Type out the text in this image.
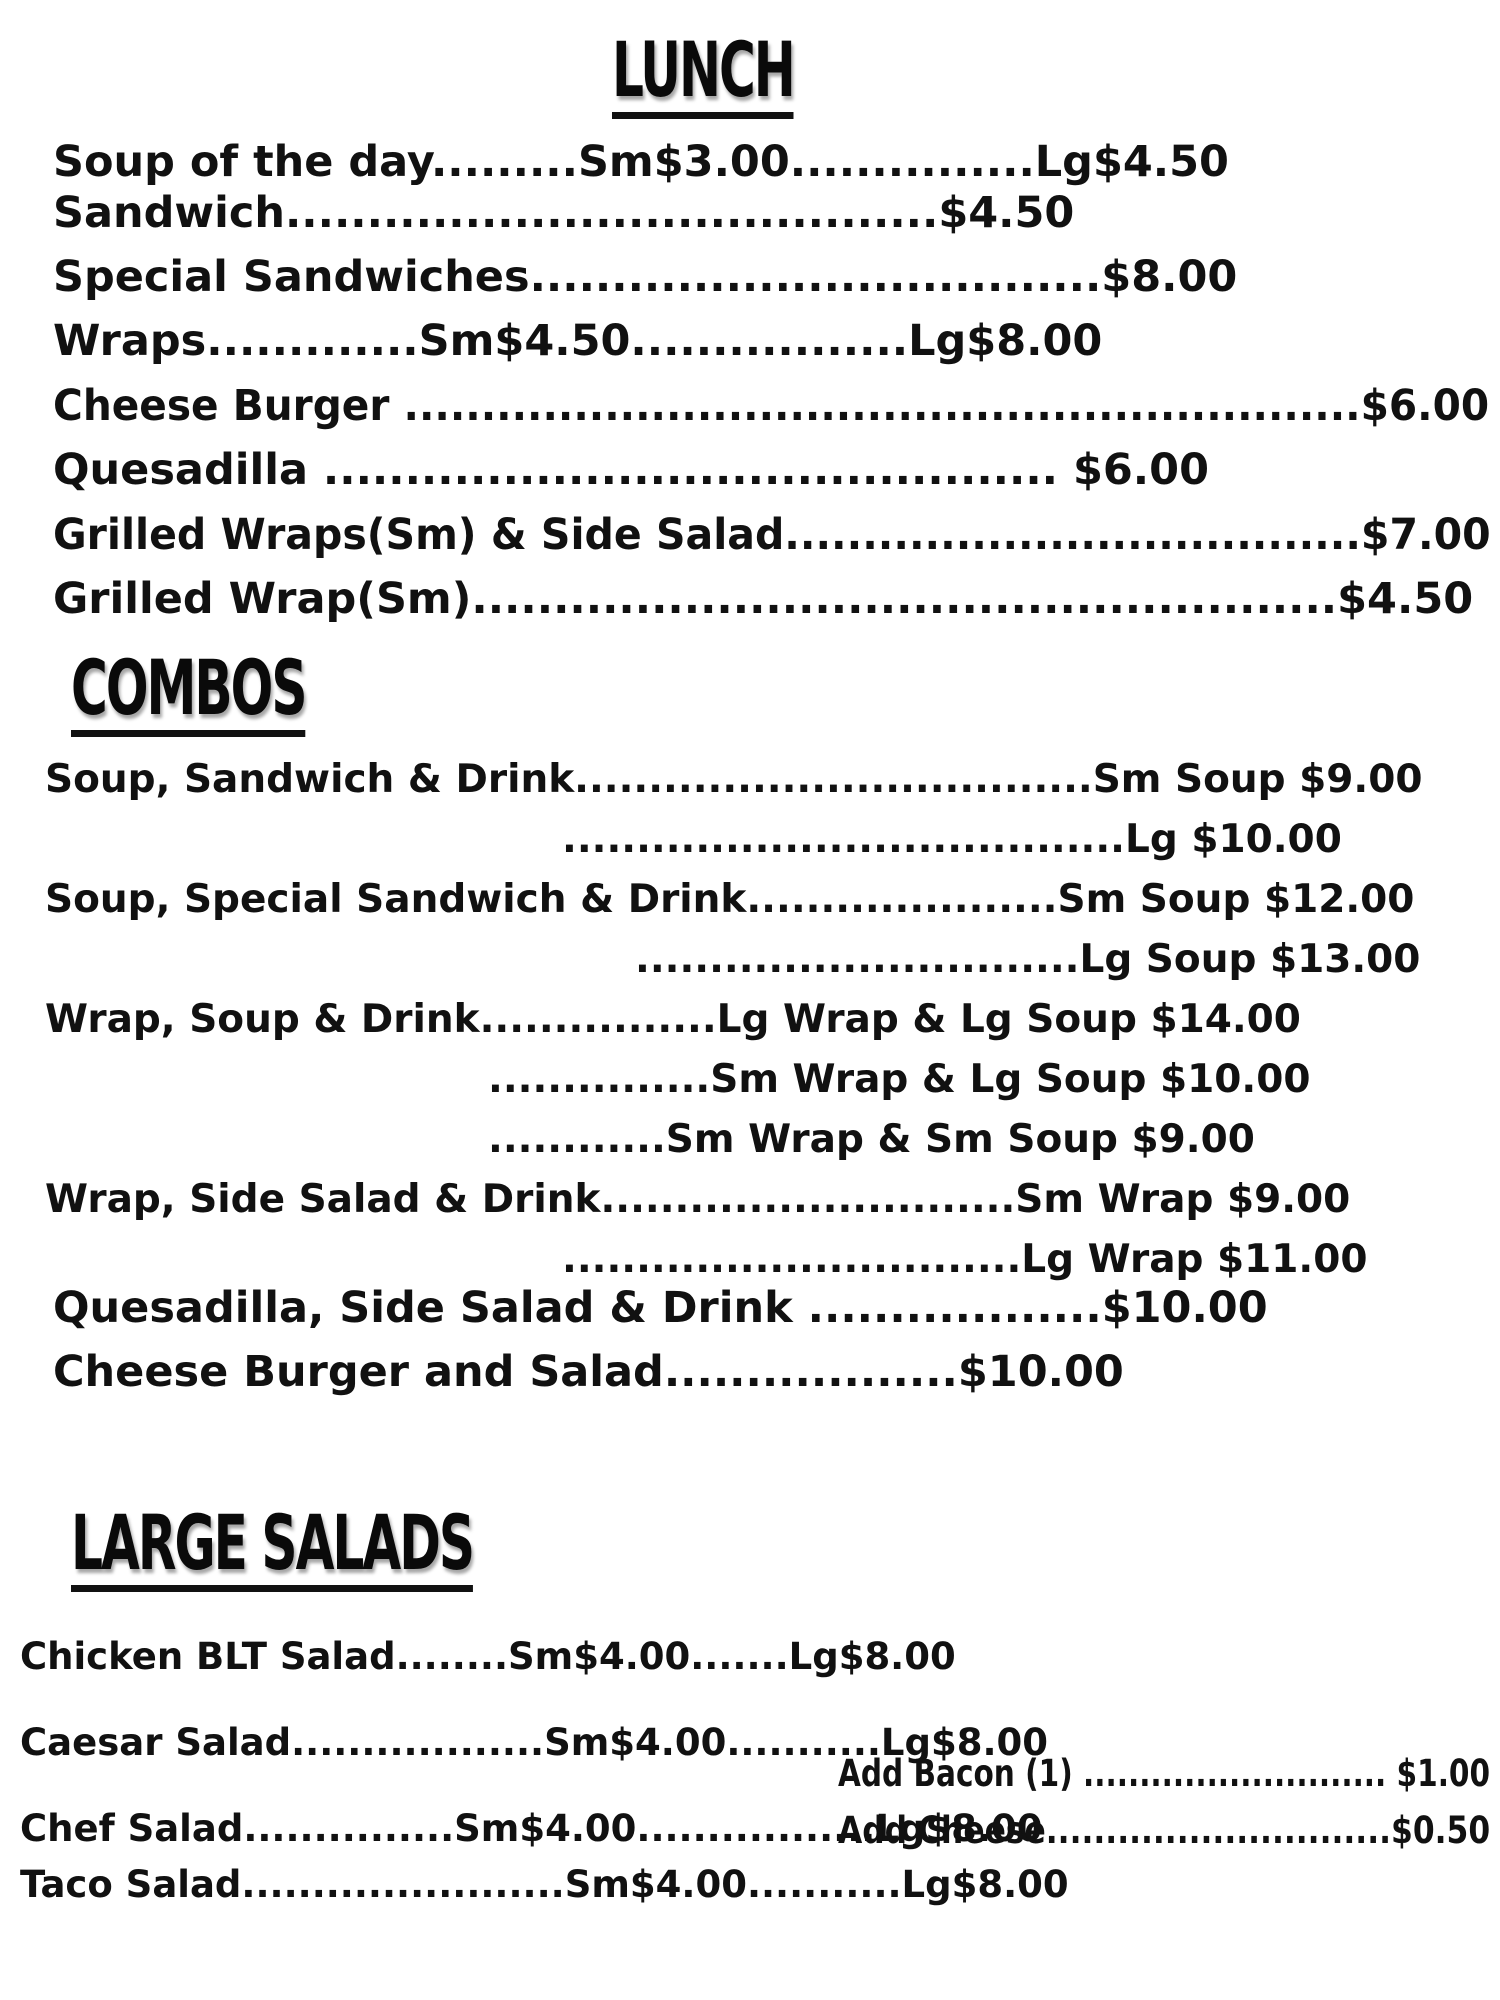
LUNCH
Soup of the day.........Sm$3.00...............Lg$4.50
Sandwich........................................$4.50
Special Sandwiches...................................$8.00
Wraps.............Sm$4.50.................Lg$8.00
Cheese Burger ..............................................................$6.00
Quesadilla ............................................. $6.00
Grilled Wraps(Sm) & Side Salad.....................................$7.00
Grilled Wrap(Sm).....................................................$4.50
COMBOS
Soup, Sandwich & Drink...................................Sm Soup $9.00
......................................Lg $10.00
Soup, Special Sandwich & Drink.....................Sm Soup $12.00
..............................Lg Soup $13.00
Wrap, Soup & Drink................Lg Wrap & Lg Soup $14.00
...............Sm Wrap & Lg Soup $10.00
............Sm Wrap & Sm Soup $9.00
Wrap, Side Salad & Drink............................Sm Wrap $9.00
...............................Lg Wrap $11.00
Quesadilla, Side Salad & Drink ..................$10.00
Cheese Burger and Salad..................$10.00
LARGE SALADS
Chicken BLT Salad........Sm$4.00.......Lg$8.00
Caesar Salad..................Sm$4.00...........Lg$8.00
Chef Salad...............Sm$4.00.................Lg$8.00
Taco Salad.......................Sm$4.00...........Lg$8.00
Add Bacon (1) ........................... $1.00
Add Cheese.............................$0.50
